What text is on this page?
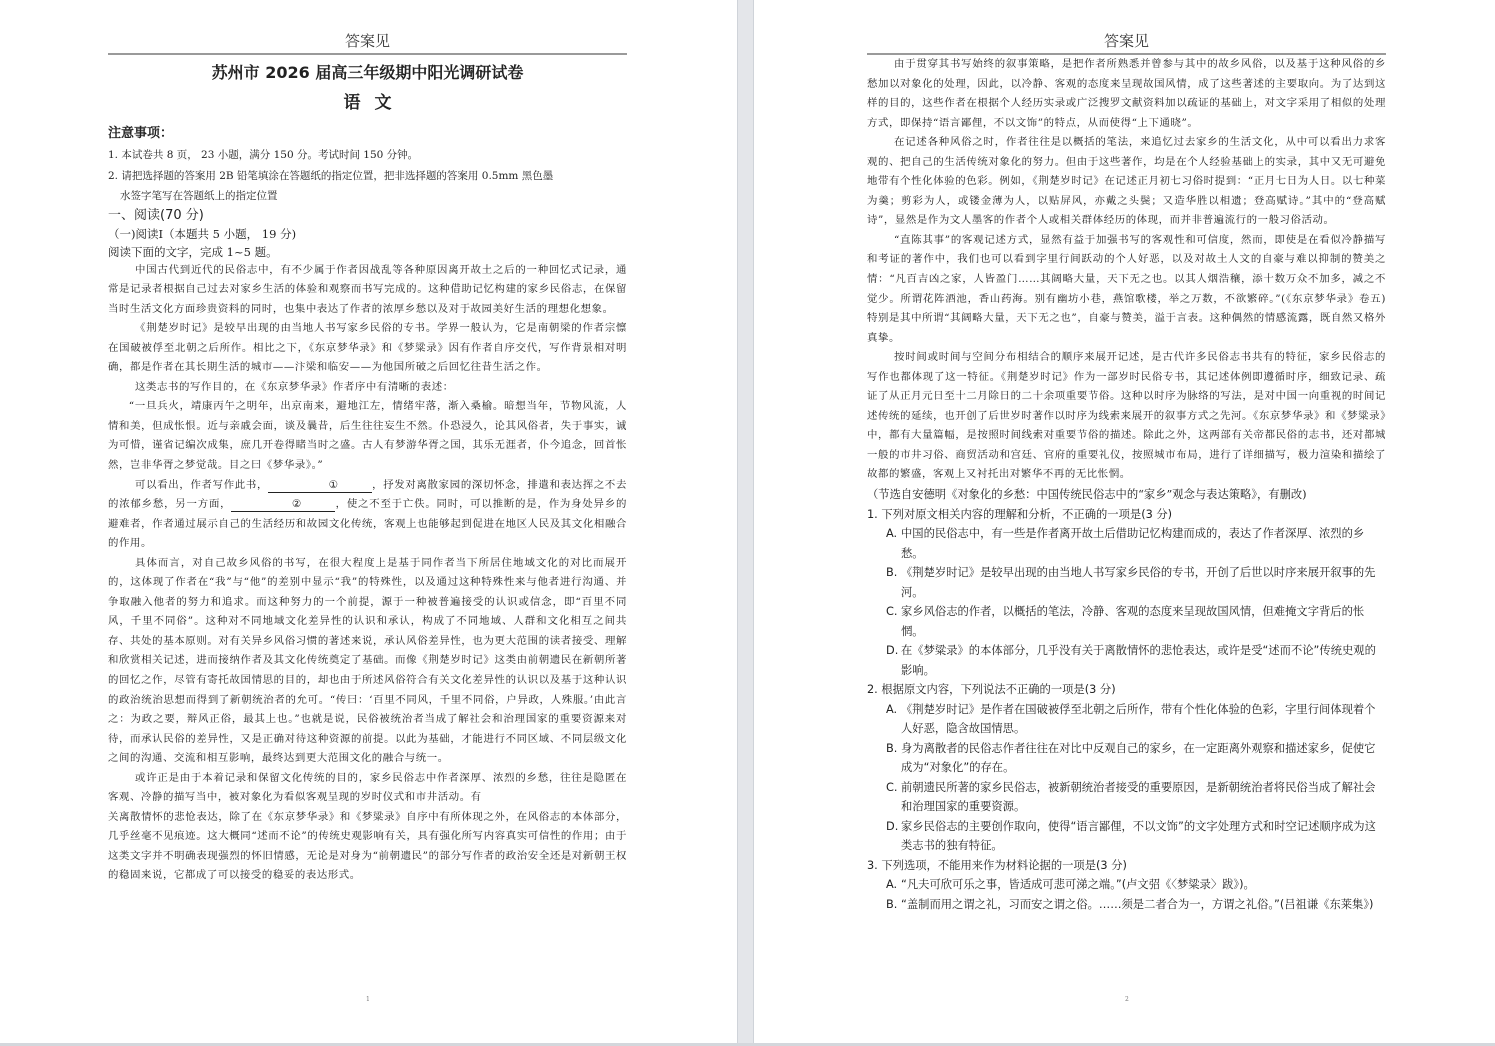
答案见
苏州市 2026 届高三年级期中阳光调研试卷
语文
注意事项：
1. 本试卷共 8 页， 23 小题，满分 150 分。考试时间 150 分钟。
2. 请把选择题的答案用 2B 铅笔填涂在答题纸的指定位置，把非选择题的答案用 0.5mm 黑色墨
水签字笔写在答题纸上的指定位置
一、阅读(70 分)
（一)阅读Ⅰ（本题共 5 小题， 19 分)
阅读下面的文字，完成 1~5 题。
中国古代到近代的民俗志中，有不少属于作者因战乱等各种原因离开故土之后的一种回忆式记录，通常是记录者根据自己过去对家乡生活的体验和观察而书写完成的。这种借助记忆构建的家乡民俗志，在保留当时生活文化方面珍贵资料的同时，也集中表达了作者的浓厚乡愁以及对于故园美好生活的理想化想象。
《荆楚岁时记》是较早出现的由当地人书写家乡民俗的专书。学界一般认为，它是南朝梁的作者宗懔在国破被俘至北朝之后所作。相比之下，《东京梦华录》和《梦粱录》因有作者自序交代，写作背景相对明确，都是作者在其长期生活的城市——汴梁和临安——为他国所破之后回忆往昔生活之作。
这类志书的写作目的，在《东京梦华录》作者序中有清晰的表述：
“一旦兵火，靖康丙午之明年，出京南来，避地江左，情绪牢落，渐入桑榆。暗想当年，节物风流，人情和美，但成怅恨。近与亲戚会面，谈及曩昔，后生往往妄生不然。仆恐浸久，论其风俗者，失于事实，诚为可惜，谨省记编次成集，庶几开卷得睹当时之盛。古人有梦游华胥之国，其乐无涯者，仆今追念，回首怅然，岂非华胥之梦觉哉。目之曰《梦华录》。”
可以看出，作者写作此书，	①	，抒发对离散家园的深切怀念，排遣和表达挥之不去的浓郁乡愁，另一方面，	②	，使之不至于亡佚。同时，可以推断的是，作为身处异乡的避难者，作者通过展示自己的生活经历和故园文化传统，客观上也能够起到促进在地区人民及其文化相融合的作用。
具体而言，对自己故乡风俗的书写，在很大程度上是基于同作者当下所居住地域文化的对比而展开的，这体现了作者在“我”与“他”的差别中显示“我”的特殊性，以及通过这种特殊性来与他者进行沟通、并争取融入他者的努力和追求。而这种努力的一个前提，源于一种被普遍接受的认识或信念，即“百里不同风，千里不同俗”。这种对不同地域文化差异性的认识和承认，构成了不同地域、人群和文化相互之间共存、共处的基本原则。对有关异乡风俗习惯的著述来说，承认风俗差异性，也为更大范围的读者接受、理解和欣赏相关记述，进而接纳作者及其文化传统奠定了基础。而像《荆楚岁时记》这类由前朝遗民在新朝所著的回忆之作，尽管有寄托故国情思的目的，却也由于所述风俗符合有关文化差异性的认识以及基于这种认识的政治统治思想而得到了新朝统治者的允可。“传曰：‘百里不同风，千里不同俗，户异政，人殊服。’由此言之：为政之要，辩风正俗，最其上也。”也就是说，民俗被统治者当成了解社会和治理国家的重要资源来对待，而承认民俗的差异性，又是正确对待这种资源的前提。以此为基础，才能进行不同区域、不同层级文化之间的沟通、交流和相互影响，最终达到更大范围文化的融合与统一。
或许正是由于本着记录和保留文化传统的目的，家乡民俗志中作者深厚、浓烈的乡愁，往往是隐匿在客观、冷静的描写当中，被对象化为看似客观呈现的岁时仪式和市井活动。有
关离散情怀的悲怆表达，除了在《东京梦华录》和《梦粱录》自序中有所体现之外，在风俗志的本体部分，几乎丝毫不见痕迹。这大概同“述而不论”的传统史观影响有关，具有强化所写内容真实可信性的作用；由于这类文字并不明确表现强烈的怀旧情感，无论是对身为“前朝遗民”的部分写作者的政治安全还是对新朝王权的稳固来说，它都成了可以接受的稳妥的表达形式。
1
答案见
由于贯穿其书写始终的叙事策略，是把作者所熟悉并曾参与其中的故乡风俗，以及基于这种风俗的乡愁加以对象化的处理，因此，以冷静、客观的态度来呈现故国风情，成了这些著述的主要取向。为了达到这样的目的，这些作者在根据个人经历实录或广泛搜罗文献资料加以疏证的基础上，对文字采用了相似的处理方式，即保持“语言鄙俚，不以文饰”的特点，从而使得“上下通晓”。
在记述各种风俗之时，作者往往是以概括的笔法，来追忆过去家乡的生活文化，从中可以看出力求客观的、把自己的生活传统对象化的努力。但由于这些著作，均是在个人经验基础上的实录，其中又无可避免地带有个性化体验的色彩。例如，《荆楚岁时记》在记述正月初七习俗时提到：“正月七日为人日。以七种菜为羹；剪彩为人，或镂金薄为人，以贴屏风，亦戴之头鬓；又造华胜以相遗；登高赋诗。”其中的“登高赋诗”，显然是作为文人墨客的作者个人或相关群体经历的体现，而并非普遍流行的一般习俗活动。
“直陈其事”的客观记述方式，显然有益于加强书写的客观性和可信度，然而，即使是在看似冷静描写和考证的著作中，我们也可以看到字里行间跃动的个人好恶，以及对故土人文的自豪与难以抑制的赞美之情：“凡百吉凶之家，人皆盈门……其阔略大量，天下无之也。以其人烟浩穰，添十数万众不加多，减之不觉少。所谓花阵酒池，香山药海。别有幽坊小巷，燕馆歌楼，举之万数，不欲繁碎。”(《东京梦华录》卷五)特别是其中所谓“其阔略大量，天下无之也”，自豪与赞美，溢于言表。这种偶然的情感流露，既自然又格外真挚。
按时间或时间与空间分布相结合的顺序来展开记述，是古代许多民俗志书共有的特征，家乡民俗志的写作也都体现了这一特征。《荆楚岁时记》作为一部岁时民俗专书，其记述体例即遵循时序，细致记录、疏证了从正月元日至十二月除日的二十余项重要节俗。这种以时序为脉络的写法，是对中国一向重视的时间记述传统的延续，也开创了后世岁时著作以时序为线索来展开的叙事方式之先河。《东京梦华录》和《梦粱录》中，都有大量篇幅，是按照时间线索对重要节俗的描述。除此之外，这两部有关帝都民俗的志书，还对都城一般的市井习俗、商贸活动和宫廷、官府的重要礼仪，按照城市布局，进行了详细描写，极力渲染和描绘了故都的繁盛，客观上又衬托出对繁华不再的无比怅惘。
（节选自安德明《对象化的乡愁：中国传统民俗志中的“家乡”观念与表达策略》，有删改)
1. 下列对原文相关内容的理解和分析，不正确的一项是(3 分)
A. 中国的民俗志中，有一些是作者离开故土后借助记忆构建而成的，表达了作者深厚、浓烈的乡愁。
B. 《荆楚岁时记》是较早出现的由当地人书写家乡民俗的专书，开创了后世以时序来展开叙事的先河。
C. 家乡风俗志的作者，以概括的笔法，冷静、客观的态度来呈现故国风情，但难掩文字背后的怅惘。
D. 在《梦粱录》的本体部分，几乎没有关于离散情怀的悲怆表达，或许是受“述而不论”传统史观的影响。
2. 根据原文内容，下列说法不正确的一项是(3 分)
A. 《荆楚岁时记》是作者在国破被俘至北朝之后所作，带有个性化体验的色彩，字里行间体现着个人好恶，隐含故国情思。
B. 身为离散者的民俗志作者往往在对比中反观自己的家乡，在一定距离外观察和描述家乡，促使它成为“对象化”的存在。
C. 前朝遗民所著的家乡民俗志，被新朝统治者接受的重要原因，是新朝统治者将民俗当成了解社会和治理国家的重要资源。
D. 家乡民俗志的主要创作取向，使得“语言鄙俚，不以文饰”的文字处理方式和时空记述顺序成为这类志书的独有特征。
3. 下列选项，不能用来作为材料论据的一项是(3 分)
A. “凡夫可欣可乐之事，皆适成可悲可涕之端。”(卢文弨《〈梦粱录〉跋》)。
B. “盖制而用之谓之礼，习而安之谓之俗。……须是二者合为一，方谓之礼俗。”(吕祖谦《东莱集》)
2
